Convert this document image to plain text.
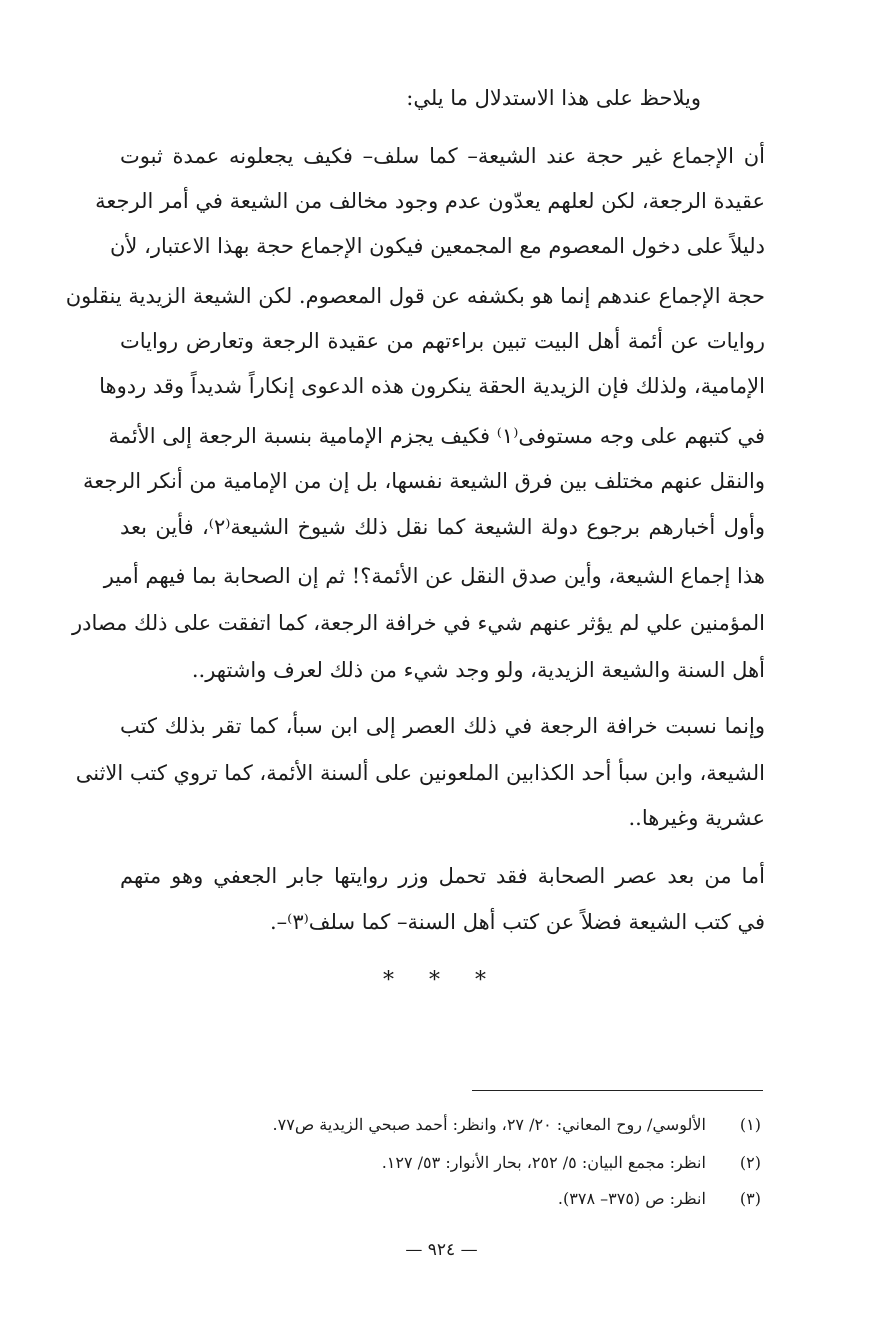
ويلاحظ على هذا الاستدلال ما يلي:
أن الإجماع غير حجة عند الشيعة– كما سلف– فكيف يجعلونه عمدة ثبوت
عقيدة الرجعة، لكن لعلهم يعدّون عدم وجود مخالف من الشيعة في أمر الرجعة
دليلاً على دخول المعصوم مع المجمعين فيكون الإجماع حجة بهذا الاعتبار، لأن
حجة الإجماع عندهم إنما هو بكشفه عن قول المعصوم. لكن الشيعة الزيدية ينقلون
روايات عن أئمة أهل البيت تبين براءتهم من عقيدة الرجعة وتعارض روايات
الإمامية، ولذلك فإن الزيدية الحقة ينكرون هذه الدعوى إنكاراً شديداً وقد ردوها
في كتبهم على وجه مستوفى⁽١⁾ فكيف يجزم الإمامية بنسبة الرجعة إلى الأئمة
والنقل عنهم مختلف بين فرق الشيعة نفسها، بل إن من الإمامية من أنكر الرجعة
وأول أخبارهم برجوع دولة الشيعة كما نقل ذلك شيوخ الشيعة⁽٢⁾، فأين بعد
هذا إجماع الشيعة، وأين صدق النقل عن الأئمة؟! ثم إن الصحابة بما فيهم أمير
المؤمنين علي لم يؤثر عنهم شيء في خرافة الرجعة، كما اتفقت على ذلك مصادر
أهل السنة والشيعة الزيدية، ولو وجد شيء من ذلك لعرف واشتهر..
وإنما نسبت خرافة الرجعة في ذلك العصر إلى ابن سبأ، كما تقر بذلك كتب
الشيعة، وابن سبأ أحد الكذابين الملعونين على ألسنة الأئمة، كما تروي كتب الاثنى
عشرية وغيرها..
أما من بعد عصر الصحابة فقد تحمل وزر روايتها جابر الجعفي وهو متهم
في كتب الشيعة فضلاً عن كتب أهل السنة– كما سلف⁽٣⁾–.
* * *
(١) الألوسي/ روح المعاني: ٢٠/ ٢٧، وانظر: أحمد صبحي الزيدية ص٧٧.
(٢) انظر: مجمع البيان: ٥/ ٢٥٢، بحار الأنوار: ٥٣/ ١٢٧.
(٣) انظر: ص (٣٧٥– ٣٧٨).
— ٩٢٤ —
